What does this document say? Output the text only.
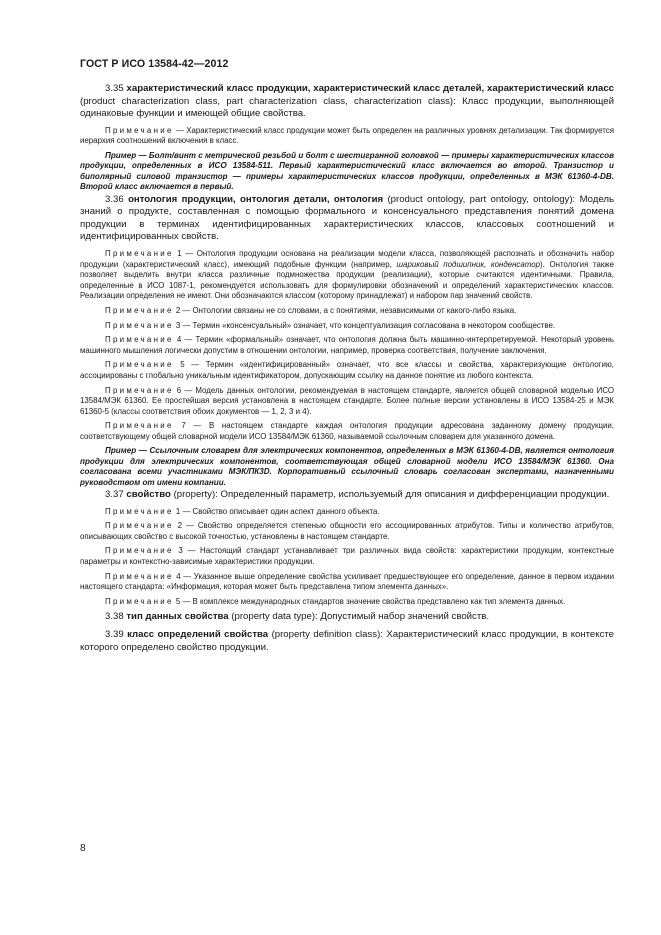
ГОСТ Р ИСО 13584-42—2012

3.35 характеристический класс продукции, характеристический класс деталей, характеристический класс (product characterization class, part characterization class, characterization class): Класс продукции, выполняющей одинаковые функции и имеющей общие свойства.

Примечание — Характеристический класс продукции может быть определен на различных уровнях детализации. Так формируется иерархия соотношений включения в класс.

Пример — Болт/винт с метрической резьбой и болт с шестигранной головкой — примеры характеристических классов продукции, определенных в ИСО 13584-511. Первый характеристический класс включается во второй. Транзистор и биполярный силовой транзистор — примеры характеристических классов продукции, определенных в МЭК 61360-4-DB. Второй класс включается в первый.

3.36 онтология продукции, онтология детали, онтология (product ontology, part ontology, ontology): Модель знаний о продукте, составленная с помощью формального и консенсуального представления понятий домена продукции в терминах идентифицированных характеристических классов, классовых соотношений и идентифицированных свойств.

Примечание 1 — Онтология продукции основана на реализации модели класса, позволяющей распознать и обозначить набор продукции (характеристический класс), имеющий подобные функции (например, шариковый подшипник, конденсатор). Онтология также позволяет выделить внутри класса различные подмножества продукции (реализации), которые считаются идентичными. Правила, определенные в ИСО 1087-1, рекомендуется использовать для формулировки обозначений и определений характеристических классов. Реализации определения не имеют. Они обозначаются классом (которому принадлежат) и набором пар значений свойств.

Примечание 2 — Онтологии связаны не со словами, а с понятиями, независимыми от какого-либо языка.

Примечание 3 — Термин «консенсуальный» означает, что концептуализация согласована в некотором сообществе.

Примечание 4 — Термин «формальный» означает, что онтология должна быть машинно-интерпретируемой. Некоторый уровень машинного мышления логически допустим в отношении онтологии, например, проверка соответствия, получение заключения.

Примечание 5 — Термин «идентифицированный» означает, что все классы и свойства, характеризующие онтологию, ассоциированы с глобально уникальным идентификатором, допускающим ссылку на данное понятие из любого контекста.

Примечание 6 — Модель данных онтологии, рекомендуемая в настоящем стандарте, является общей словарной моделью ИСО 13584/МЭК 61360. Ее простейшая версия установлена в настоящем стандарте. Более полные версии установлены в ИСО 13584-25 и МЭК 61360-5 (классы соответствия обоих документов — 1, 2, 3 и 4).

Примечание 7 — В настоящем стандарте каждая онтология продукции адресована заданному домену продукции, соответствующему общей словарной модели ИСО 13584/МЭК 61360, называемой ссылочным словарем для указанного домена.

Пример — Ссылочным словарем для электрических компонентов, определенных в МЭК 61360-4-DB, является онтология продукции для электрических компонентов, соответствующая общей словарной модели ИСО 13584/МЭК 61360. Она согласована всеми участниками МЭК/ПК3D. Корпоративный ссылочный словарь согласован экспертами, назначенными руководством от имени компании.

3.37 свойство (property): Определенный параметр, используемый для описания и дифференциации продукции.

Примечание 1 — Свойство описывает один аспект данного объекта.

Примечание 2 — Свойство определяется степенью общности его ассоциированных атрибутов. Типы и количество атрибутов, описывающих свойство с высокой точностью, установлены в настоящем стандарте.

Примечание 3 — Настоящий стандарт устанавливает три различных вида свойств: характеристики продукции, контекстные параметры и контекстно-зависимые характеристики продукции.

Примечание 4 — Указанное выше определение свойства усиливает предшествующее его определение, данное в первом издании настоящего стандарта: «Информация, которая может быть представлена типом элемента данных».

Примечание 5 — В комплексе международных стандартов значение свойства представлено как тип элемента данных.

3.38 тип данных свойства (property data type): Допустимый набор значений свойств.

3.39 класс определений свойства (property definition class): Характеристический класс продукции, в контексте которого определено свойство продукции.

8
